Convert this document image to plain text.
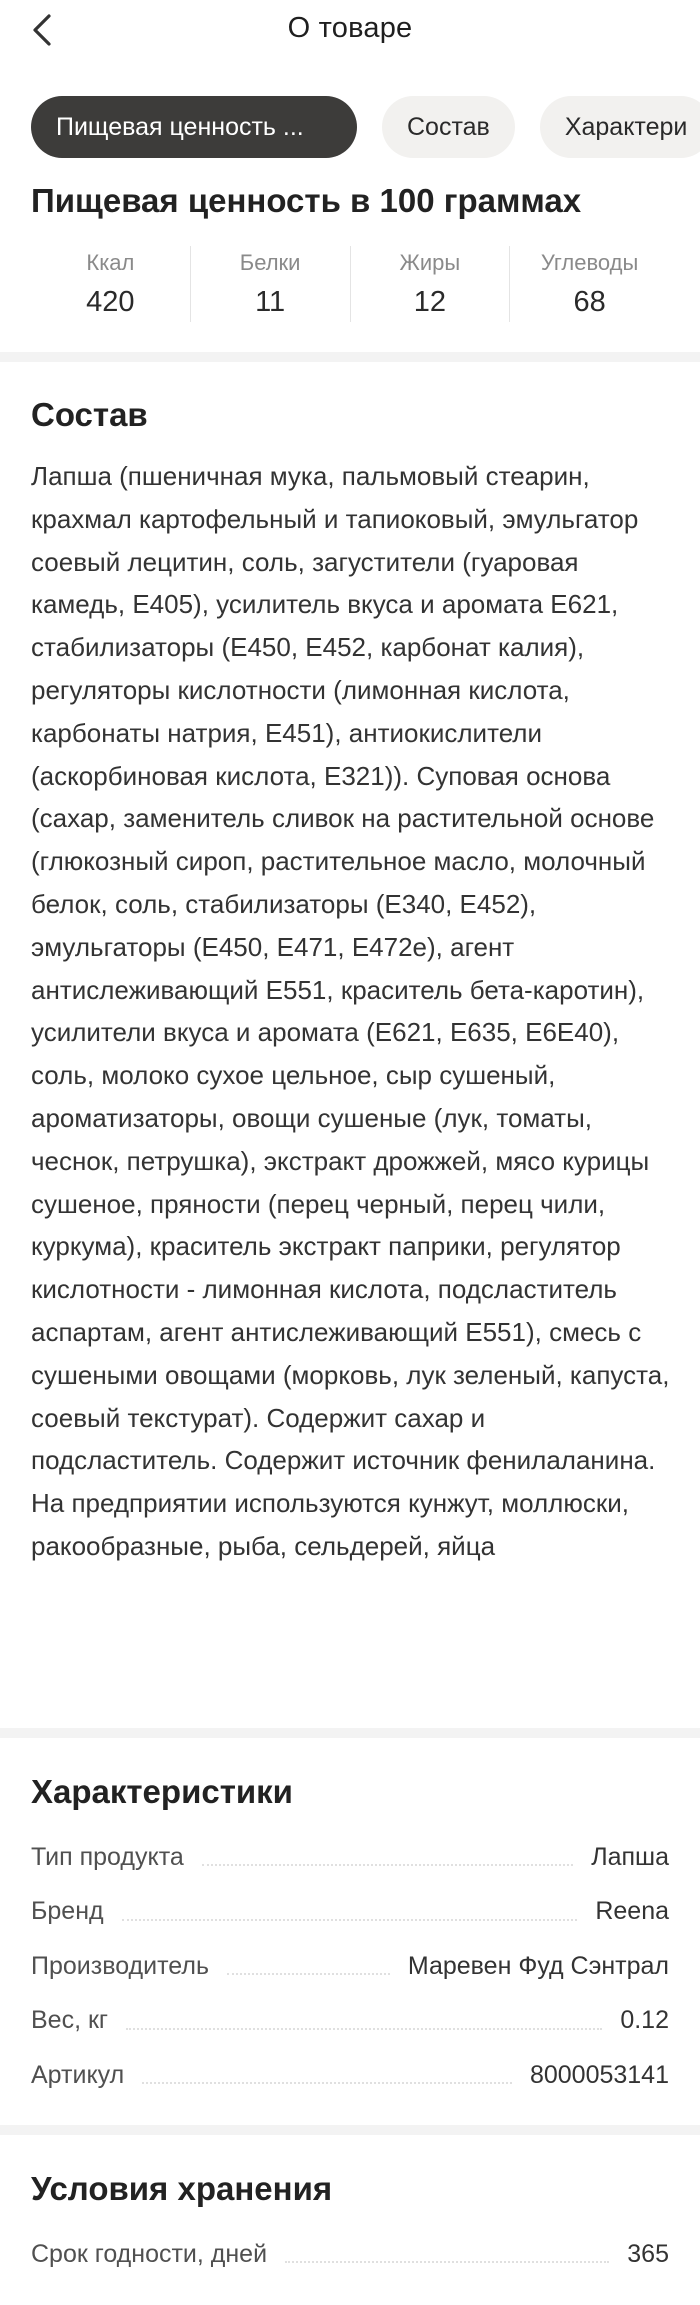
О товаре
Пищевая ценность ...	Состав	Характери
Пищевая ценность в 100 граммах
Ккал
420
Белки
11
Жиры
12
Углеводы
68
Состав
Лапша (пшеничная мука, пальмовый стеарин, крахмал картофельный и тапиоковый, эмульгатор соевый лецитин, соль, загустители (гуаровая камедь, Е405), усилитель вкуса и аромата Е621, стабилизаторы (Е450, Е452, карбонат калия), регуляторы кислотности (лимонная кислота, карбонаты натрия, Е451), антиокислители (аскорбиновая кислота, Е321)). Суповая основа (сахар, заменитель сливок на растительной основе (глюкозный сироп, растительное масло, молочный белок, соль, стабилизаторы (Е340, Е452), эмульгаторы (Е450, Е471, Е472е), агент антислеживающий Е551, краситель бета-каротин), усилители вкуса и аромата (Е621, Е635, Е6Е40), соль, молоко сухое цельное, сыр сушеный, ароматизаторы, овощи сушеные (лук, томаты, чеснок, петрушка), экстракт дрожжей, мясо курицы сушеное, пряности (перец черный, перец чили, куркума), краситель экстракт паприки, регулятор кислотности - лимонная кислота, подсластитель аспартам, агент антислеживающий Е551), смесь с сушеными овощами (морковь, лук зеленый, капуста, соевый текстурат). Содержит сахар и подсластитель. Содержит источник фенилаланина. На предприятии используются кунжут, моллюски, ракообразные, рыба, сельдерей, яйца
Характеристики
Тип продукта	Лапша
Бренд	Reena
Производитель	Маревен Фуд Сэнтрал
Вес, кг	0.12
Артикул	8000053141
Условия хранения
Срок годности, дней	365
